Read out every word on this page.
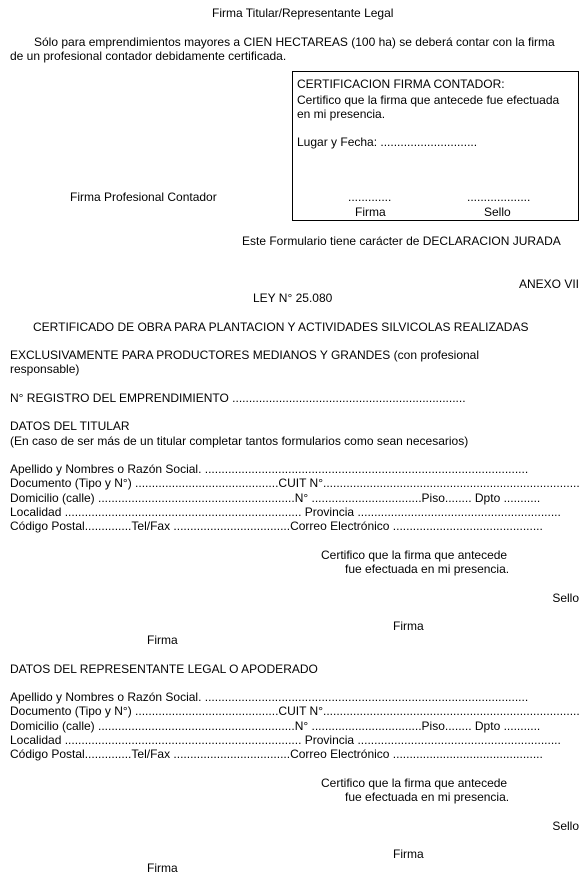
Firma Titular/Representante Legal
Sólo para emprendimientos mayores a CIEN HECTAREAS (100 ha) se deberá contar con la firma
de un profesional contador debidamente certificada.
Firma Profesional Contador
CERTIFICACION FIRMA CONTADOR:
Certifico que la firma que antecede fue efectuada
en mi presencia.
Lugar y Fecha: .............................
.............	...................
Firma	Sello
Este Formulario tiene carácter de DECLARACION JURADA
ANEXO VII
LEY N° 25.080
CERTIFICADO DE OBRA PARA PLANTACION Y ACTIVIDADES SILVICOLAS REALIZADAS
EXCLUSIVAMENTE PARA PRODUCTORES MEDIANOS Y GRANDES (con profesional
responsable)
N° REGISTRO DEL EMPRENDIMIENTO ......................................................................
DATOS DEL TITULAR
(En caso de ser más de un titular completar tantos formularios como sean necesarios)
Apellido y Nombres o Razón Social. .................................................................................................
Documento (Tipo y N°) ...........................................CUIT N°.............................................................................
Domicilio (calle) ...........................................................N° .................................Piso........ Dpto ...........
Localidad ....................................................................... Provincia .............................................................
Código Postal..............Tel/Fax ...................................Correo Electrónico .............................................
Certifico que la firma que antecede
fue efectuada en mi presencia.
Sello
Firma
Firma
DATOS DEL REPRESENTANTE LEGAL O APODERADO
Apellido y Nombres o Razón Social. .................................................................................................
Documento (Tipo y N°) ...........................................CUIT N°.............................................................................
Domicilio (calle) ...........................................................N° .................................Piso........ Dpto ...........
Localidad ....................................................................... Provincia .............................................................
Código Postal..............Tel/Fax ...................................Correo Electrónico .............................................
Certifico que la firma que antecede
fue efectuada en mi presencia.
Sello
Firma
Firma
